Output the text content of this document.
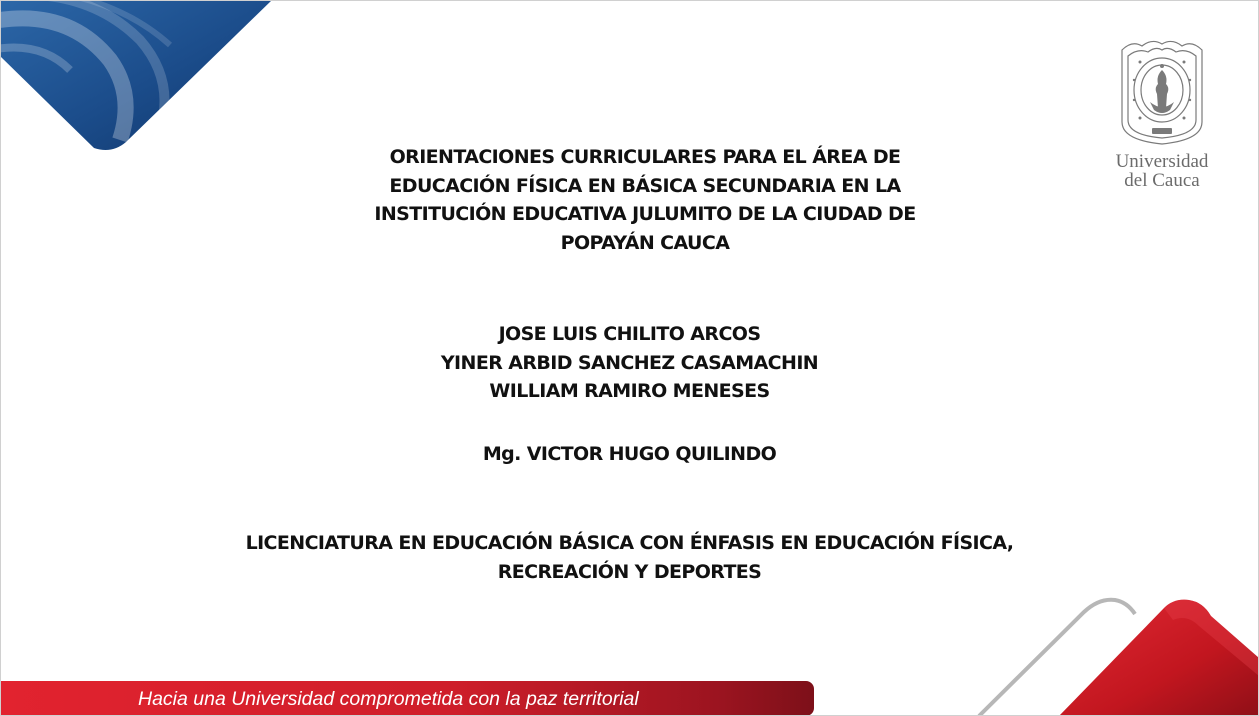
Universidad
del Cauca
ORIENTACIONES CURRICULARES PARA EL ÁREA DE
EDUCACIÓN FÍSICA EN BÁSICA SECUNDARIA EN LA
INSTITUCIÓN EDUCATIVA JULUMITO DE LA CIUDAD DE
POPAYÁN CAUCA
JOSE LUIS CHILITO ARCOS
YINER ARBID SANCHEZ CASAMACHIN
WILLIAM RAMIRO MENESES
Mg. VICTOR HUGO QUILINDO
LICENCIATURA EN EDUCACIÓN BÁSICA CON ÉNFASIS EN EDUCACIÓN FÍSICA,
RECREACIÓN Y DEPORTES
Hacia una Universidad comprometida con la paz territorial
